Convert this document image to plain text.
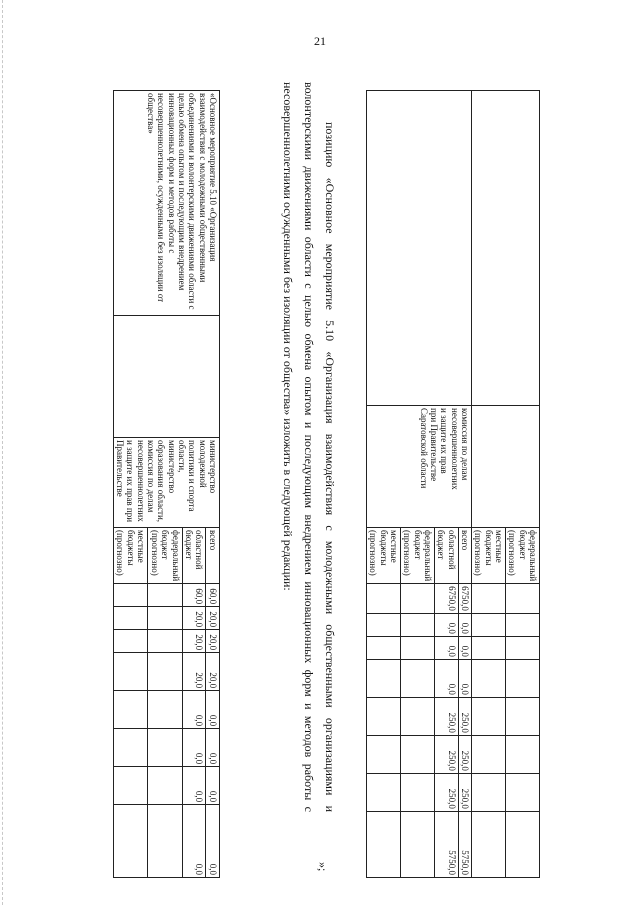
21
		федеральный бюджет (прогнозно)								
		местные бюджеты (прогнозно)								

	комиссия по делам
несовершеннолетних
и защите их прав
при Правительстве
Саратовской области	всего	6750,0	0,0	0,0	0,0	250,0	250,0	250,0	5750,0
		областной бюджет	6750,0	0,0	0,0	0,0	250,0	250,0	250,0	5750,0
		федеральный бюджет (прогнозно)								
		местные бюджеты (прогнозно)								
»;
позицию «Основное мероприятие 5.10 «Организация взаимодействия с молодежными общественными организациями и волонтерскими движениями области с целью обмена опытом и последующим внедрением инновационных форм и методов работы с несовершеннолетними осужденными без изоляции от общества» изложить в следующей редакции:
«Основное мероприятие 5.10 «Организация взаимодействия с молодежными общественными объединениями и волонтерскими движениями области с целью обмена опытом и последующим внедрением инновационных форм и методов работы с несовершеннолетними, осужденными без изоляции от общества»		министерство молодежной политики и спорта области, министерство образования области, комиссия по делам несовершеннолетних и защите их прав при Правительстве	всего	60,0	20,0	20,0	20,0	0,0	0,0	0,0	0,0
			областной бюджет	60,0	20,0	20,0	20,0	0,0	0,0	0,0	0,0
			федеральный бюджет (прогнозно)								
			местные бюджеты (прогнозно)								
